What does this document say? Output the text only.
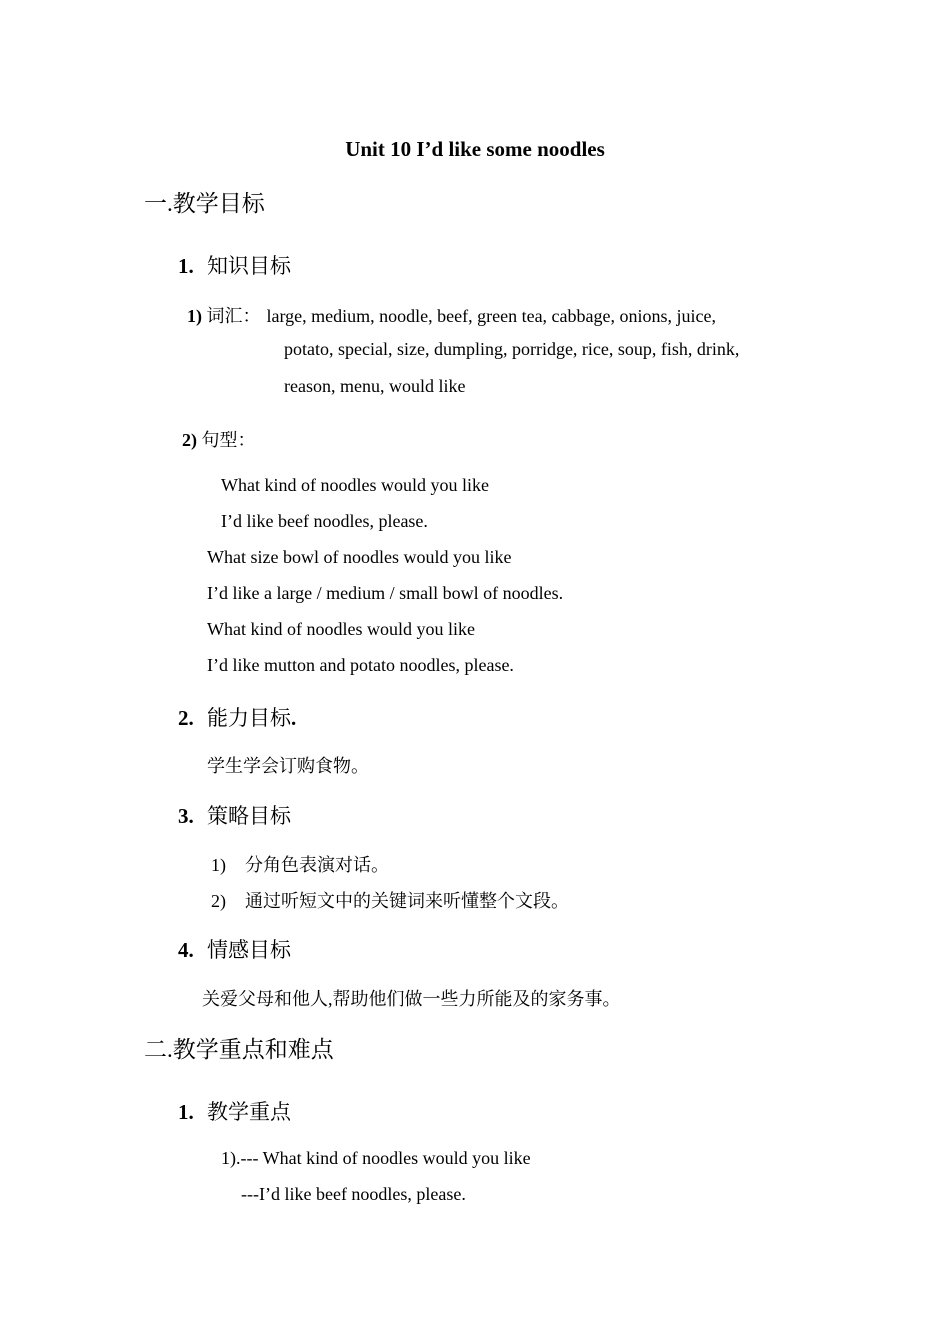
Unit 10 I’d like some noodles
一.教学目标
1. 知识目标
1) 词汇： large, medium, noodle, beef, green tea, cabbage, onions, juice,
potato, special, size, dumpling, porridge, rice, soup, fish, drink,
reason, menu, would like
2) 句型：
What kind of noodles would you like
I’d like beef noodles, please.
What size bowl of noodles would you like
I’d like a large / medium / small bowl of noodles.
What kind of noodles would you like
I’d like mutton and potato noodles, please.
2. 能力目标.
学生学会订购食物。
3. 策略目标
1) 分角色表演对话。
2) 通过听短文中的关键词来听懂整个文段。
4. 情感目标
关爱父母和他人,帮助他们做一些力所能及的家务事。
二.教学重点和难点
1. 教学重点
1).--- What kind of noodles would you like
---I’d like beef noodles, please.
